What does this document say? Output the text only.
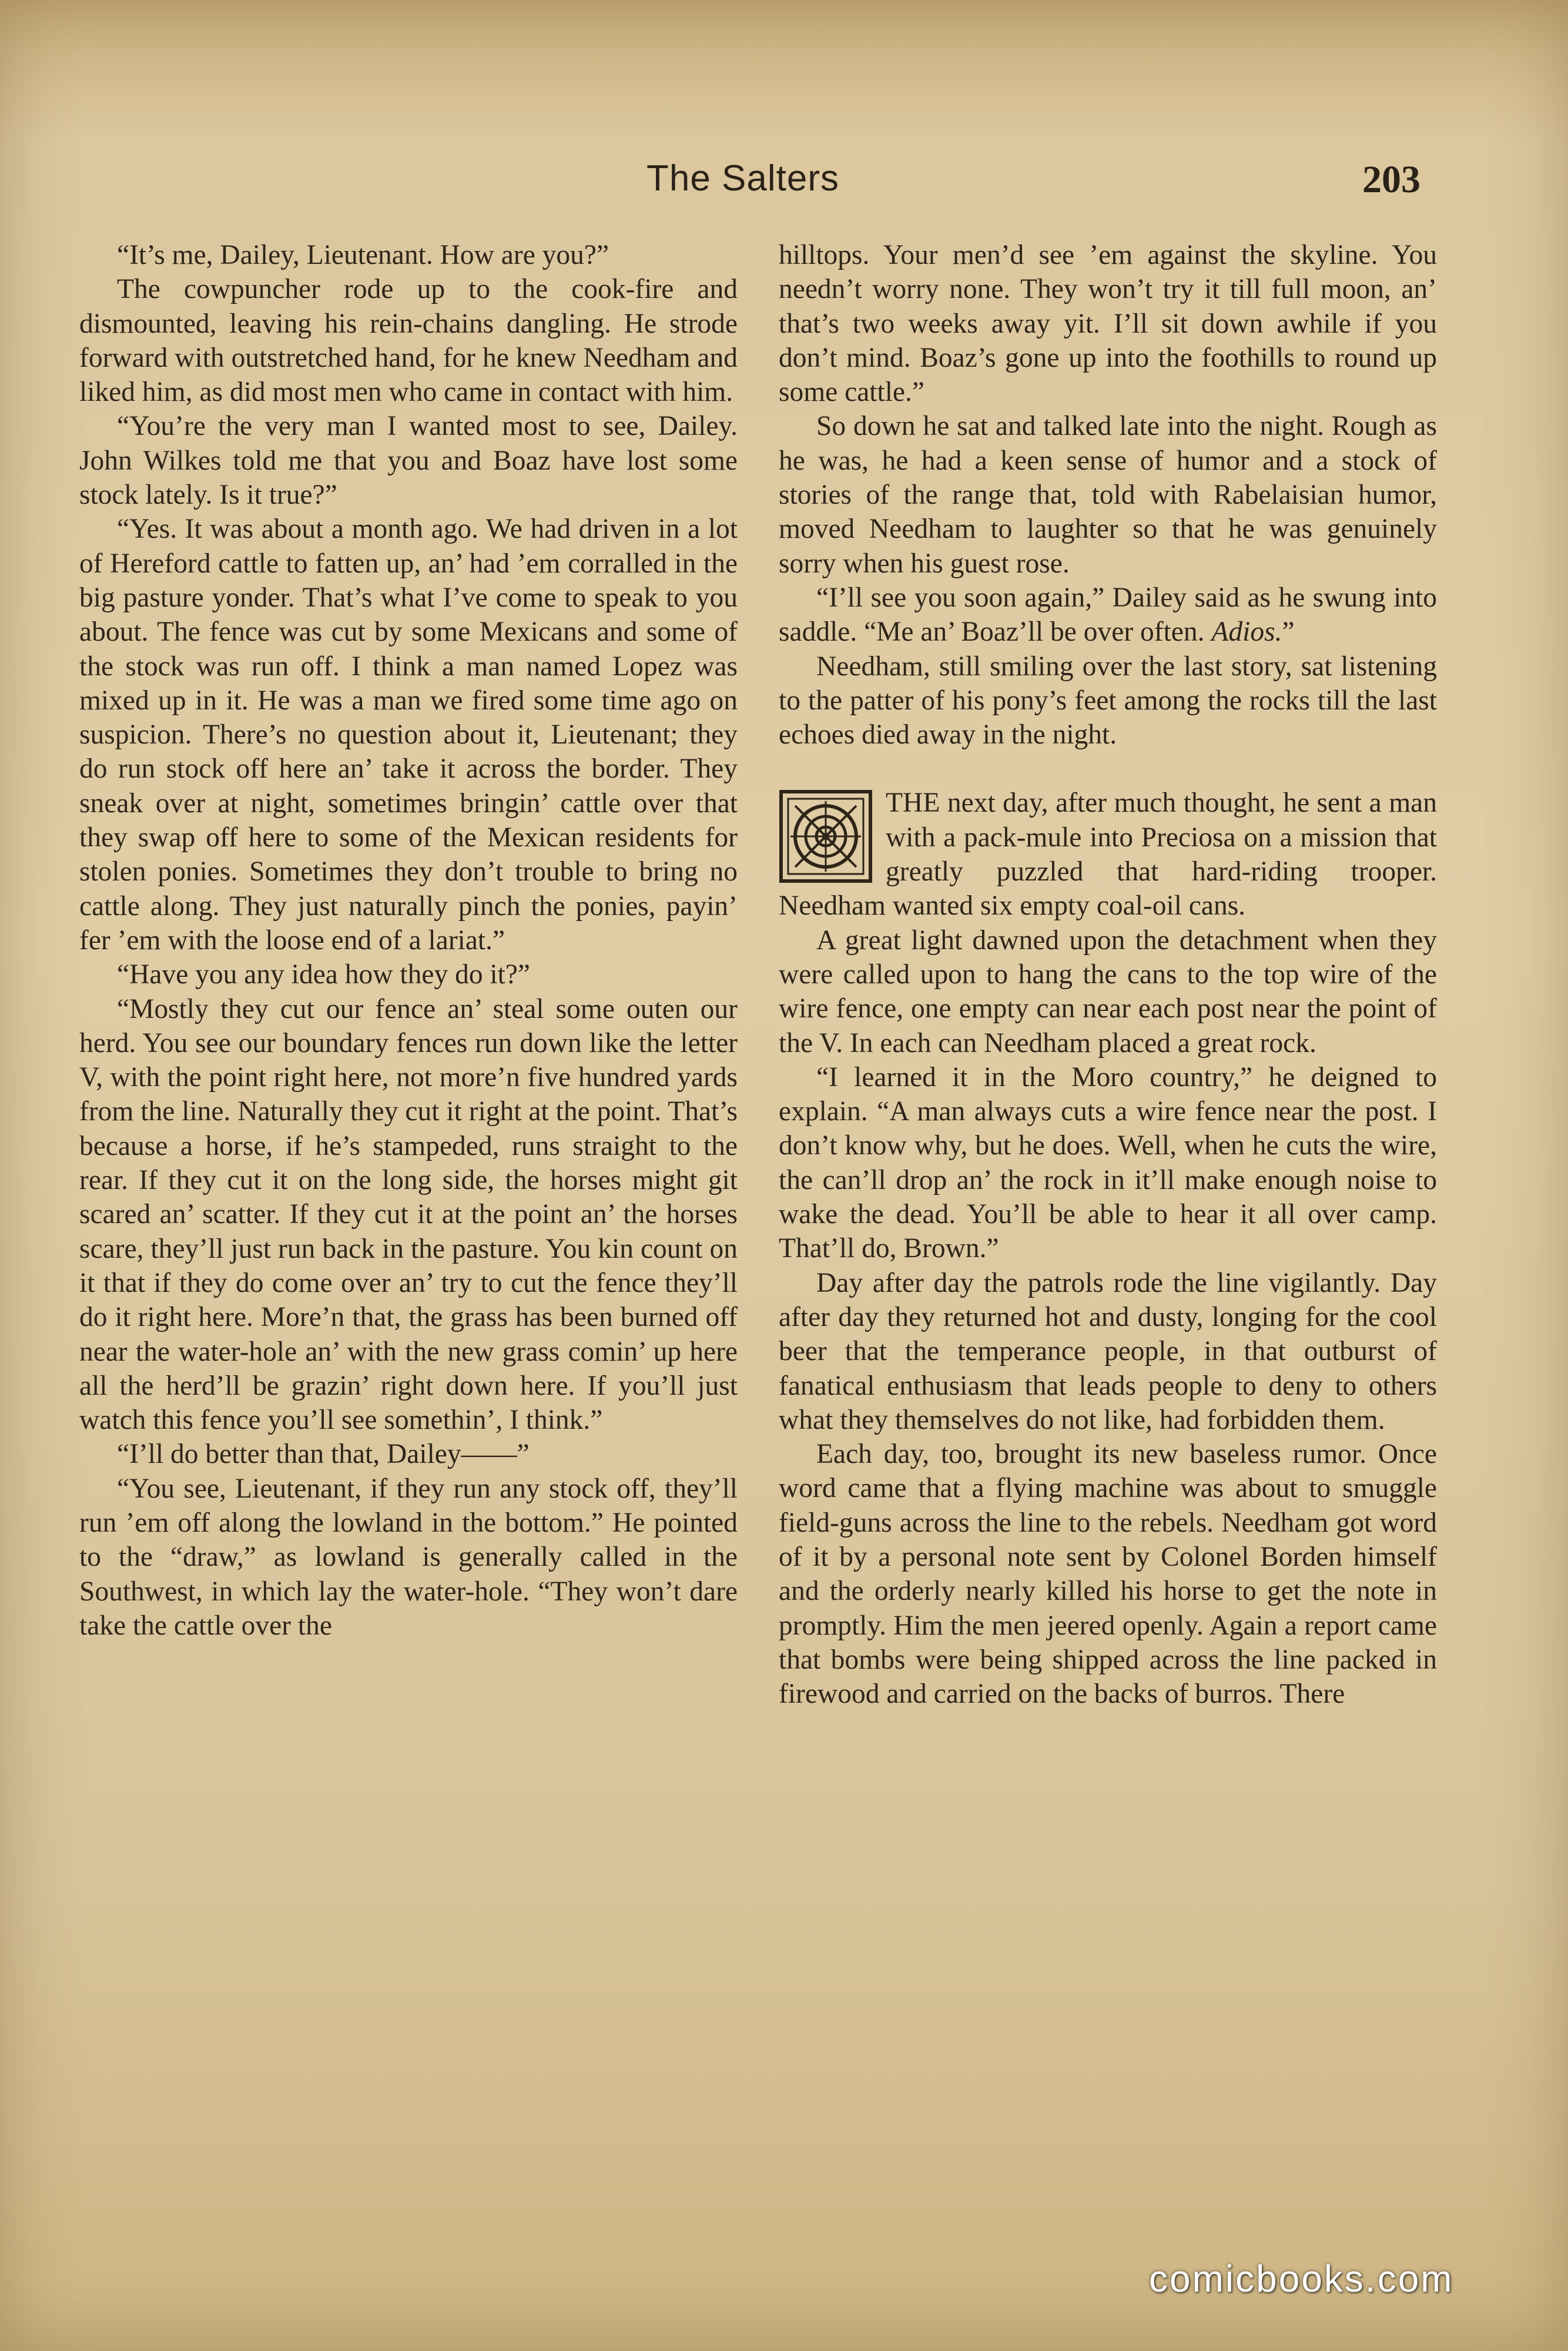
The Salters	203

“It’s me, Dailey, Lieutenant. How are you?”

The cowpuncher rode up to the cook-fire and dismounted, leaving his rein-chains dangling. He strode forward with outstretched hand, for he knew Needham and liked him, as did most men who came in contact with him.

“You’re the very man I wanted most to see, Dailey. John Wilkes told me that you and Boaz have lost some stock lately. Is it true?”

“Yes. It was about a month ago. We had driven in a lot of Hereford cattle to fatten up, an’ had ’em corralled in the big pasture yonder. That’s what I’ve come to speak to you about. The fence was cut by some Mexicans and some of the stock was run off. I think a man named Lopez was mixed up in it. He was a man we fired some time ago on suspicion. There’s no question about it, Lieutenant; they do run stock off here an’ take it across the border. They sneak over at night, sometimes bringin’ cattle over that they swap off here to some of the Mexican residents for stolen ponies. Sometimes they don’t trouble to bring no cattle along. They just naturally pinch the ponies, payin’ fer ’em with the loose end of a lariat.”

“Have you any idea how they do it?”

“Mostly they cut our fence an’ steal some outen our herd. You see our boundary fences run down like the letter V, with the point right here, not more’n five hundred yards from the line. Naturally they cut it right at the point. That’s because a horse, if he’s stampeded, runs straight to the rear. If they cut it on the long side, the horses might git scared an’ scatter. If they cut it at the point an’ the horses scare, they’ll just run back in the pasture. You kin count on it that if they do come over an’ try to cut the fence they’ll do it right here. More’n that, the grass has been burned off near the water-hole an’ with the new grass comin’ up here all the herd’ll be grazin’ right down here. If you’ll just watch this fence you’ll see somethin’, I think.”

“I’ll do better than that, Dailey——”

“You see, Lieutenant, if they run any stock off, they’ll run ’em off along the lowland in the bottom.” He pointed to the “draw,” as lowland is generally called in the Southwest, in which lay the water-hole. “They won’t dare take the cattle over the

hilltops. Your men’d see ’em against the skyline. You needn’t worry none. They won’t try it till full moon, an’ that’s two weeks away yit. I’ll sit down awhile if you don’t mind. Boaz’s gone up into the foothills to round up some cattle.”

So down he sat and talked late into the night. Rough as he was, he had a keen sense of humor and a stock of stories of the range that, told with Rabelaisian humor, moved Needham to laughter so that he was genuinely sorry when his guest rose.

“I’ll see you soon again,” Dailey said as he swung into saddle. “Me an’ Boaz’ll be over often. Adios.”

Needham, still smiling over the last story, sat listening to the patter of his pony’s feet among the rocks till the last echoes died away in the night.

THE next day, after much thought, he sent a man with a pack-mule into Preciosa on a mission that greatly puzzled that hard-riding trooper. Needham wanted six empty coal-oil cans.

A great light dawned upon the detachment when they were called upon to hang the cans to the top wire of the wire fence, one empty can near each post near the point of the V. In each can Needham placed a great rock.

“I learned it in the Moro country,” he deigned to explain. “A man always cuts a wire fence near the post. I don’t know why, but he does. Well, when he cuts the wire, the can’ll drop an’ the rock in it’ll make enough noise to wake the dead. You’ll be able to hear it all over camp. That’ll do, Brown.”

Day after day the patrols rode the line vigilantly. Day after day they returned hot and dusty, longing for the cool beer that the temperance people, in that outburst of fanatical enthusiasm that leads people to deny to others what they themselves do not like, had forbidden them.

Each day, too, brought its new baseless rumor. Once word came that a flying machine was about to smuggle field-guns across the line to the rebels. Needham got word of it by a personal note sent by Colonel Borden himself and the orderly nearly killed his horse to get the note in promptly. Him the men jeered openly. Again a report came that bombs were being shipped across the line packed in firewood and carried on the backs of burros. There

comicbooks.com
